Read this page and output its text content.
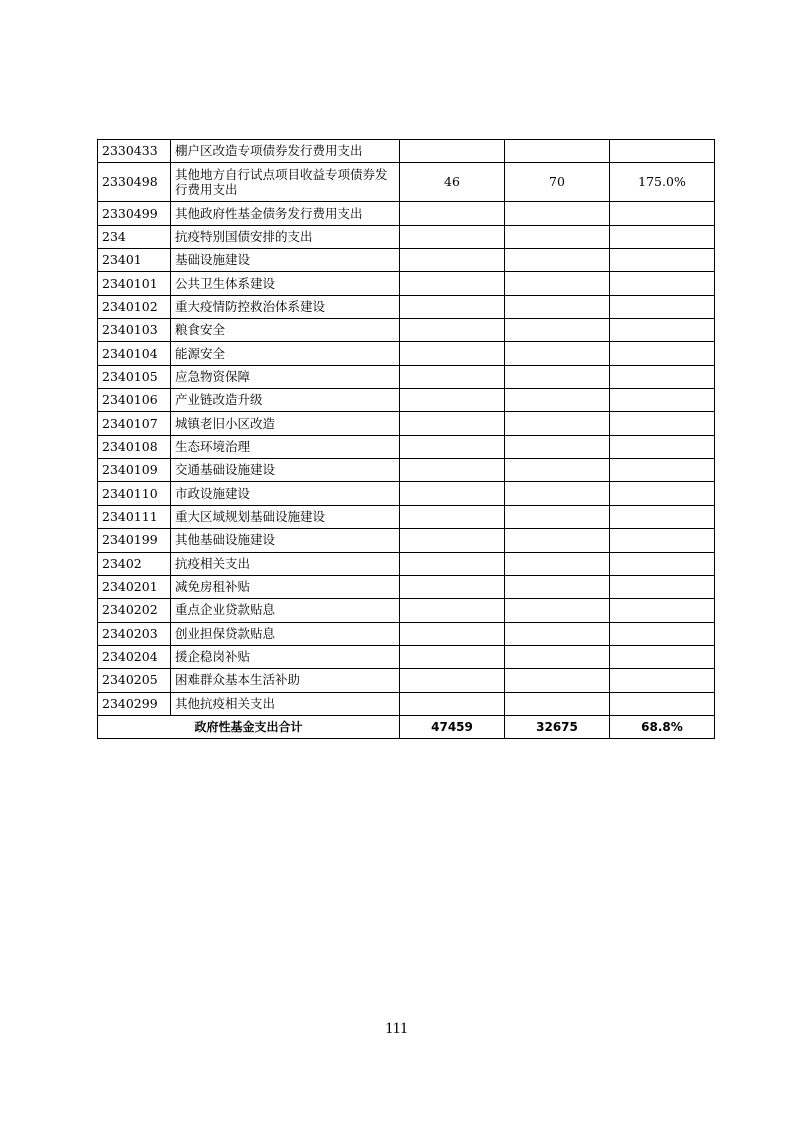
2330433	棚户区改造专项债券发行费用支出			
2330498	其他地方自行试点项目收益专项债券发行费用支出	46	70	175.0%
2330499	其他政府性基金债务发行费用支出			
234	抗疫特别国债安排的支出			
23401	基础设施建设			
2340101	公共卫生体系建设			
2340102	重大疫情防控救治体系建设			
2340103	粮食安全			
2340104	能源安全			
2340105	应急物资保障			
2340106	产业链改造升级			
2340107	城镇老旧小区改造			
2340108	生态环境治理			
2340109	交通基础设施建设			
2340110	市政设施建设			
2340111	重大区域规划基础设施建设			
2340199	其他基础设施建设			
23402	抗疫相关支出			
2340201	减免房租补贴			
2340202	重点企业贷款贴息			
2340203	创业担保贷款贴息			
2340204	援企稳岗补贴			
2340205	困难群众基本生活补助			
2340299	其他抗疫相关支出			
政府性基金支出合计		47459	32675	68.8%
111
